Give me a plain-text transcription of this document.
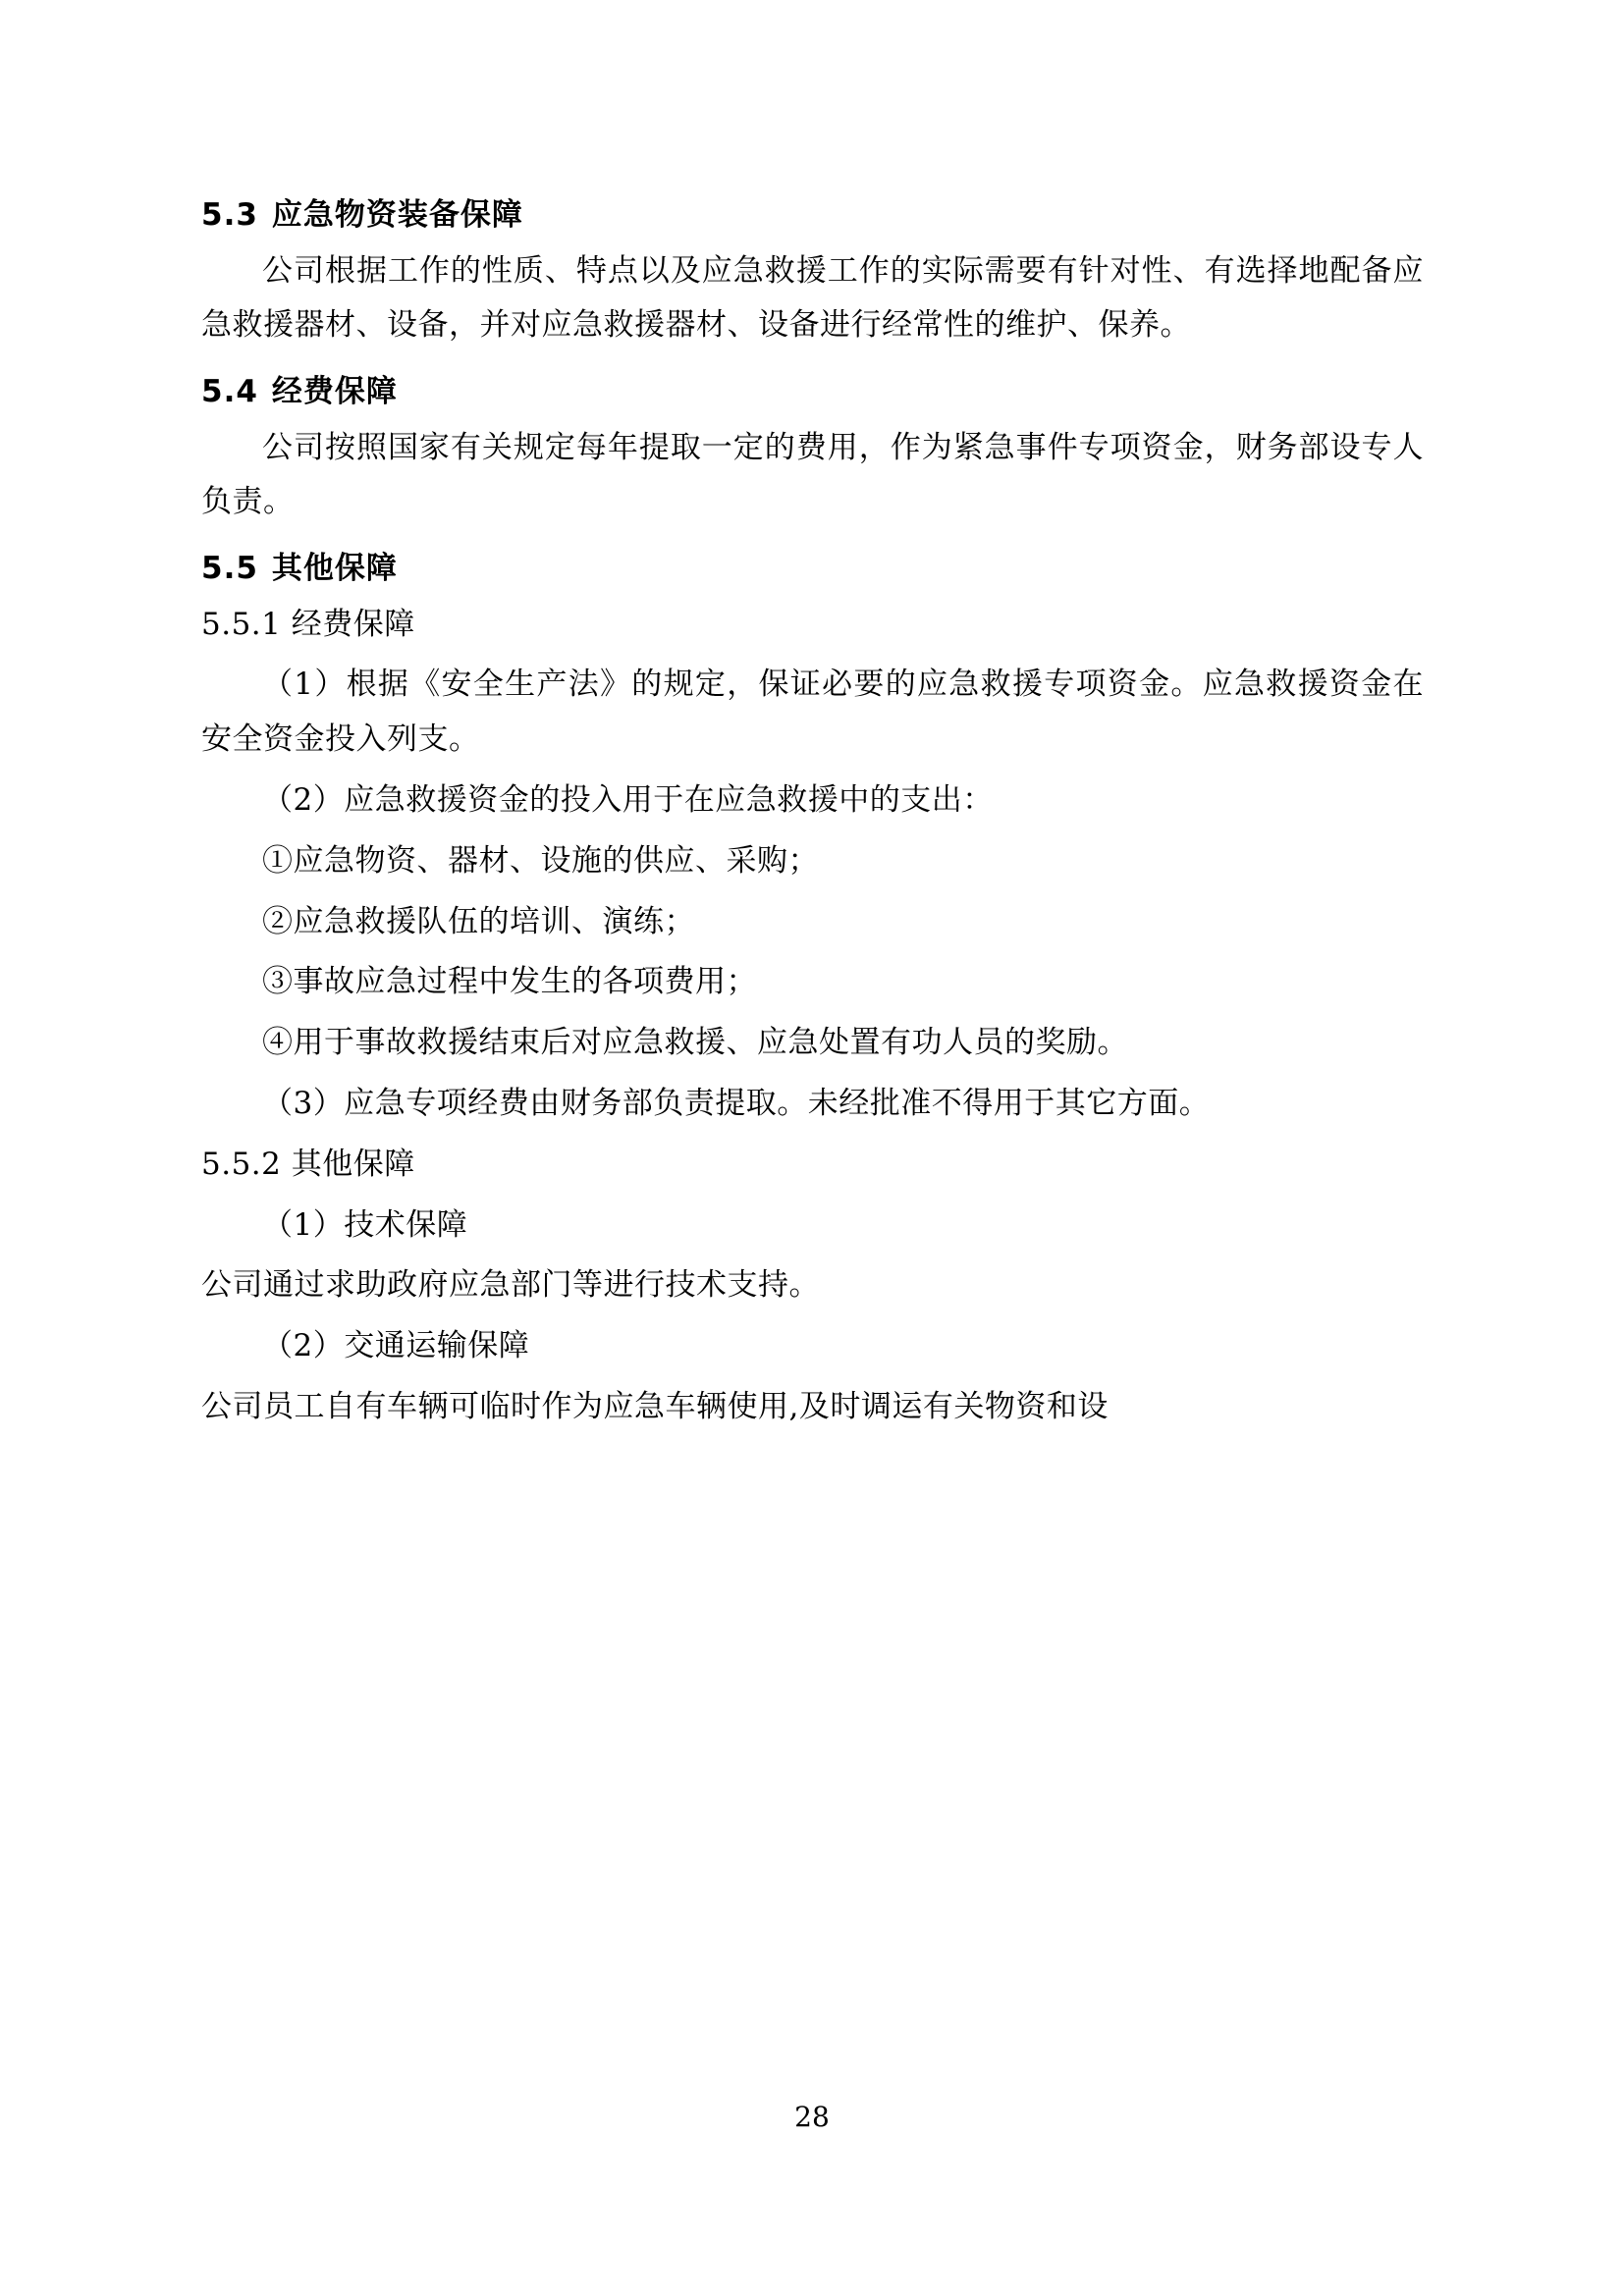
5.3 应急物资装备保障

公司根据工作的性质、特点以及应急救援工作的实际需要有针对性、有选择地配备应急救援器材、设备，并对应急救援器材、设备进行经常性的维护、保养。

5.4 经费保障

公司按照国家有关规定每年提取一定的费用，作为紧急事件专项资金，财务部设专人负责。

5.5 其他保障

5.5.1 经费保障

（1）根据《安全生产法》的规定，保证必要的应急救援专项资金。应急救援资金在安全资金投入列支。

（2）应急救援资金的投入用于在应急救援中的支出：

①应急物资、器材、设施的供应、采购；

②应急救援队伍的培训、演练；

③事故应急过程中发生的各项费用；

④用于事故救援结束后对应急救援、应急处置有功人员的奖励。

（3）应急专项经费由财务部负责提取。未经批准不得用于其它方面。

5.5.2 其他保障

（1）技术保障

公司通过求助政府应急部门等进行技术支持。

（2）交通运输保障

公司员工自有车辆可临时作为应急车辆使用,及时调运有关物资和设

28
